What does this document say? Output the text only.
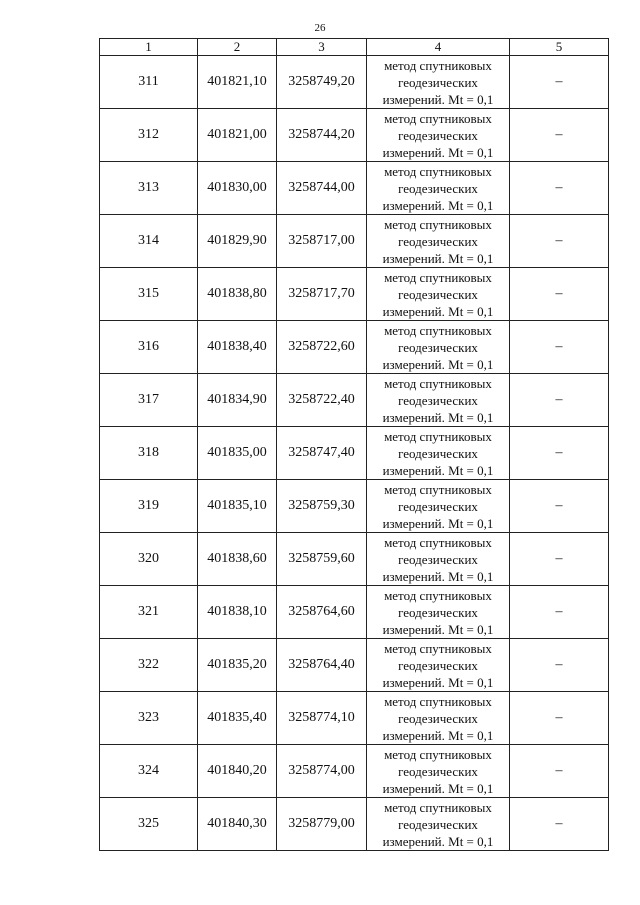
26
1	2	3	4	5
311	401821,10	3258749,20	метод спутниковых
геодезических
измерений. Mt = 0,1	–
312	401821,00	3258744,20	метод спутниковых
геодезических
измерений. Mt = 0,1	–
313	401830,00	3258744,00	метод спутниковых
геодезических
измерений. Mt = 0,1	–
314	401829,90	3258717,00	метод спутниковых
геодезических
измерений. Mt = 0,1	–
315	401838,80	3258717,70	метод спутниковых
геодезических
измерений. Mt = 0,1	–
316	401838,40	3258722,60	метод спутниковых
геодезических
измерений. Mt = 0,1	–
317	401834,90	3258722,40	метод спутниковых
геодезических
измерений. Mt = 0,1	–
318	401835,00	3258747,40	метод спутниковых
геодезических
измерений. Mt = 0,1	–
319	401835,10	3258759,30	метод спутниковых
геодезических
измерений. Mt = 0,1	–
320	401838,60	3258759,60	метод спутниковых
геодезических
измерений. Mt = 0,1	–
321	401838,10	3258764,60	метод спутниковых
геодезических
измерений. Mt = 0,1	–
322	401835,20	3258764,40	метод спутниковых
геодезических
измерений. Mt = 0,1	–
323	401835,40	3258774,10	метод спутниковых
геодезических
измерений. Mt = 0,1	–
324	401840,20	3258774,00	метод спутниковых
геодезических
измерений. Mt = 0,1	–
325	401840,30	3258779,00	метод спутниковых
геодезических
измерений. Mt = 0,1	–
